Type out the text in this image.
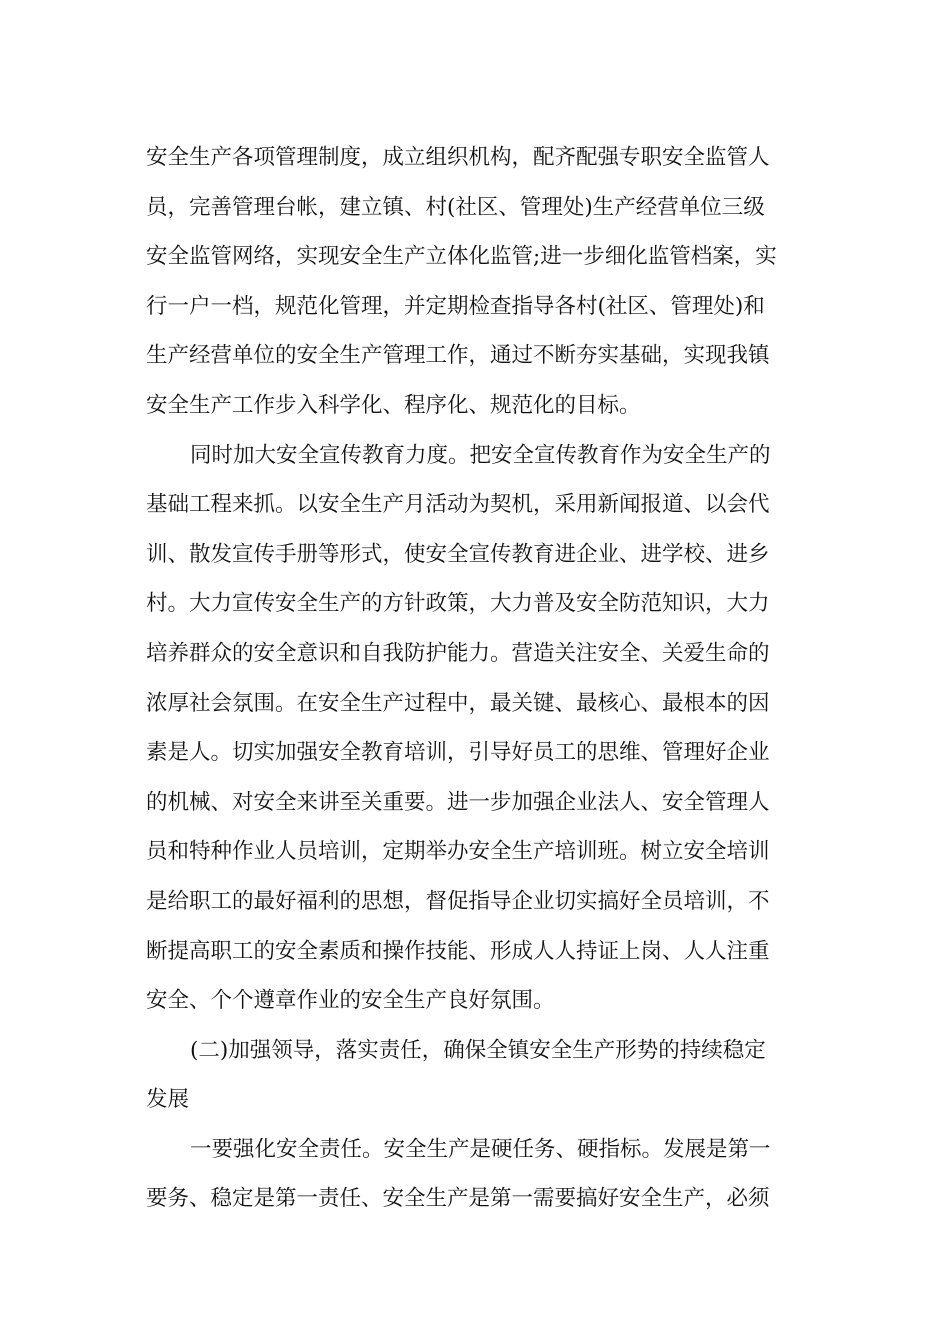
安全生产各项管理制度，成立组织机构，配齐配强专职安全监管人
员，完善管理台帐，建立镇、村(社区、管理处)生产经营单位三级
安全监管网络，实现安全生产立体化监管;进一步细化监管档案，实
行一户一档，规范化管理，并定期检查指导各村(社区、管理处)和
生产经营单位的安全生产管理工作，通过不断夯实基础，实现我镇
安全生产工作步入科学化、程序化、规范化的目标。
同时加大安全宣传教育力度。把安全宣传教育作为安全生产的
基础工程来抓。以安全生产月活动为契机，采用新闻报道、以会代
训、散发宣传手册等形式，使安全宣传教育进企业、进学校、进乡
村。大力宣传安全生产的方针政策，大力普及安全防范知识，大力
培养群众的安全意识和自我防护能力。营造关注安全、关爱生命的
浓厚社会氛围。在安全生产过程中，最关键、最核心、最根本的因
素是人。切实加强安全教育培训，引导好员工的思维、管理好企业
的机械、对安全来讲至关重要。进一步加强企业法人、安全管理人
员和特种作业人员培训，定期举办安全生产培训班。树立安全培训
是给职工的最好福利的思想，督促指导企业切实搞好全员培训，不
断提高职工的安全素质和操作技能、形成人人持证上岗、人人注重
安全、个个遵章作业的安全生产良好氛围。
(二)加强领导，落实责任，确保全镇安全生产形势的持续稳定
发展
一要强化安全责任。安全生产是硬任务、硬指标。发展是第一
要务、稳定是第一责任、安全生产是第一需要搞好安全生产，必须
